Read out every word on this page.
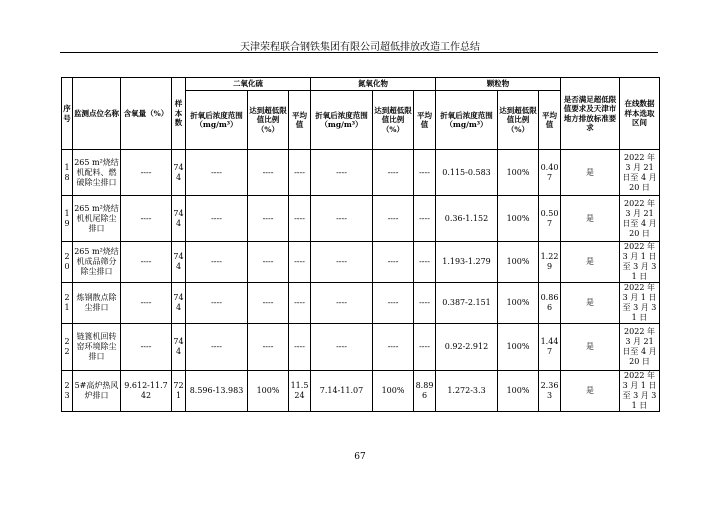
天津荣程联合钢铁集团有限公司超低排放改造工作总结
序号	监测点位名称	含氧量（%）	样本数	二氧化硫			氮氧化物			颗粒物			是否满足超低限值要求及天津市地方排放标准要求	在线数据样本选取区间
				折氧后浓度范围（mg/m³）	达到超低限值比例（%）	平均值	折氧后浓度范围（mg/m³）	达到超低限值比例（%）	平均值	折氧后浓度范围（mg/m³）	达到超低限值比例（%）	平均值		
18	265 m²烧结机配料、燃破除尘排口	----	744	----	----	----	----	----	----	0.115-0.583	100%	0.407	是	2022 年 3 月 21 日至 4 月 20 日
19	265 m²烧结机机尾除尘排口	----	744	----	----	----	----	----	----	0.36-1.152	100%	0.507	是	2022 年 3 月 21 日至 4 月 20 日
20	265 m²烧结机成品筛分除尘排口	----	744	----	----	----	----	----	----	1.193-1.279	100%	1.229	是	2022 年 3 月 1 日至 3 月 31 日
21	炼钢散点除尘排口	----	744	----	----	----	----	----	----	0.387-2.151	100%	0.866	是	2022 年 3 月 1 日至 3 月 31 日
22	链篦机回转窑环境除尘排口	----	744	----	----	----	----	----	----	0.92-2.912	100%	1.447	是	2022 年 3 月 21 日至 4 月 20 日
23	5#高炉热风炉排口	9.612-11.742	721	8.596-13.983	100%	11.524	7.14-11.07	100%	8.896	1.272-3.3	100%	2.363	是	2022 年 3 月 1 日至 3 月 31 日
67
